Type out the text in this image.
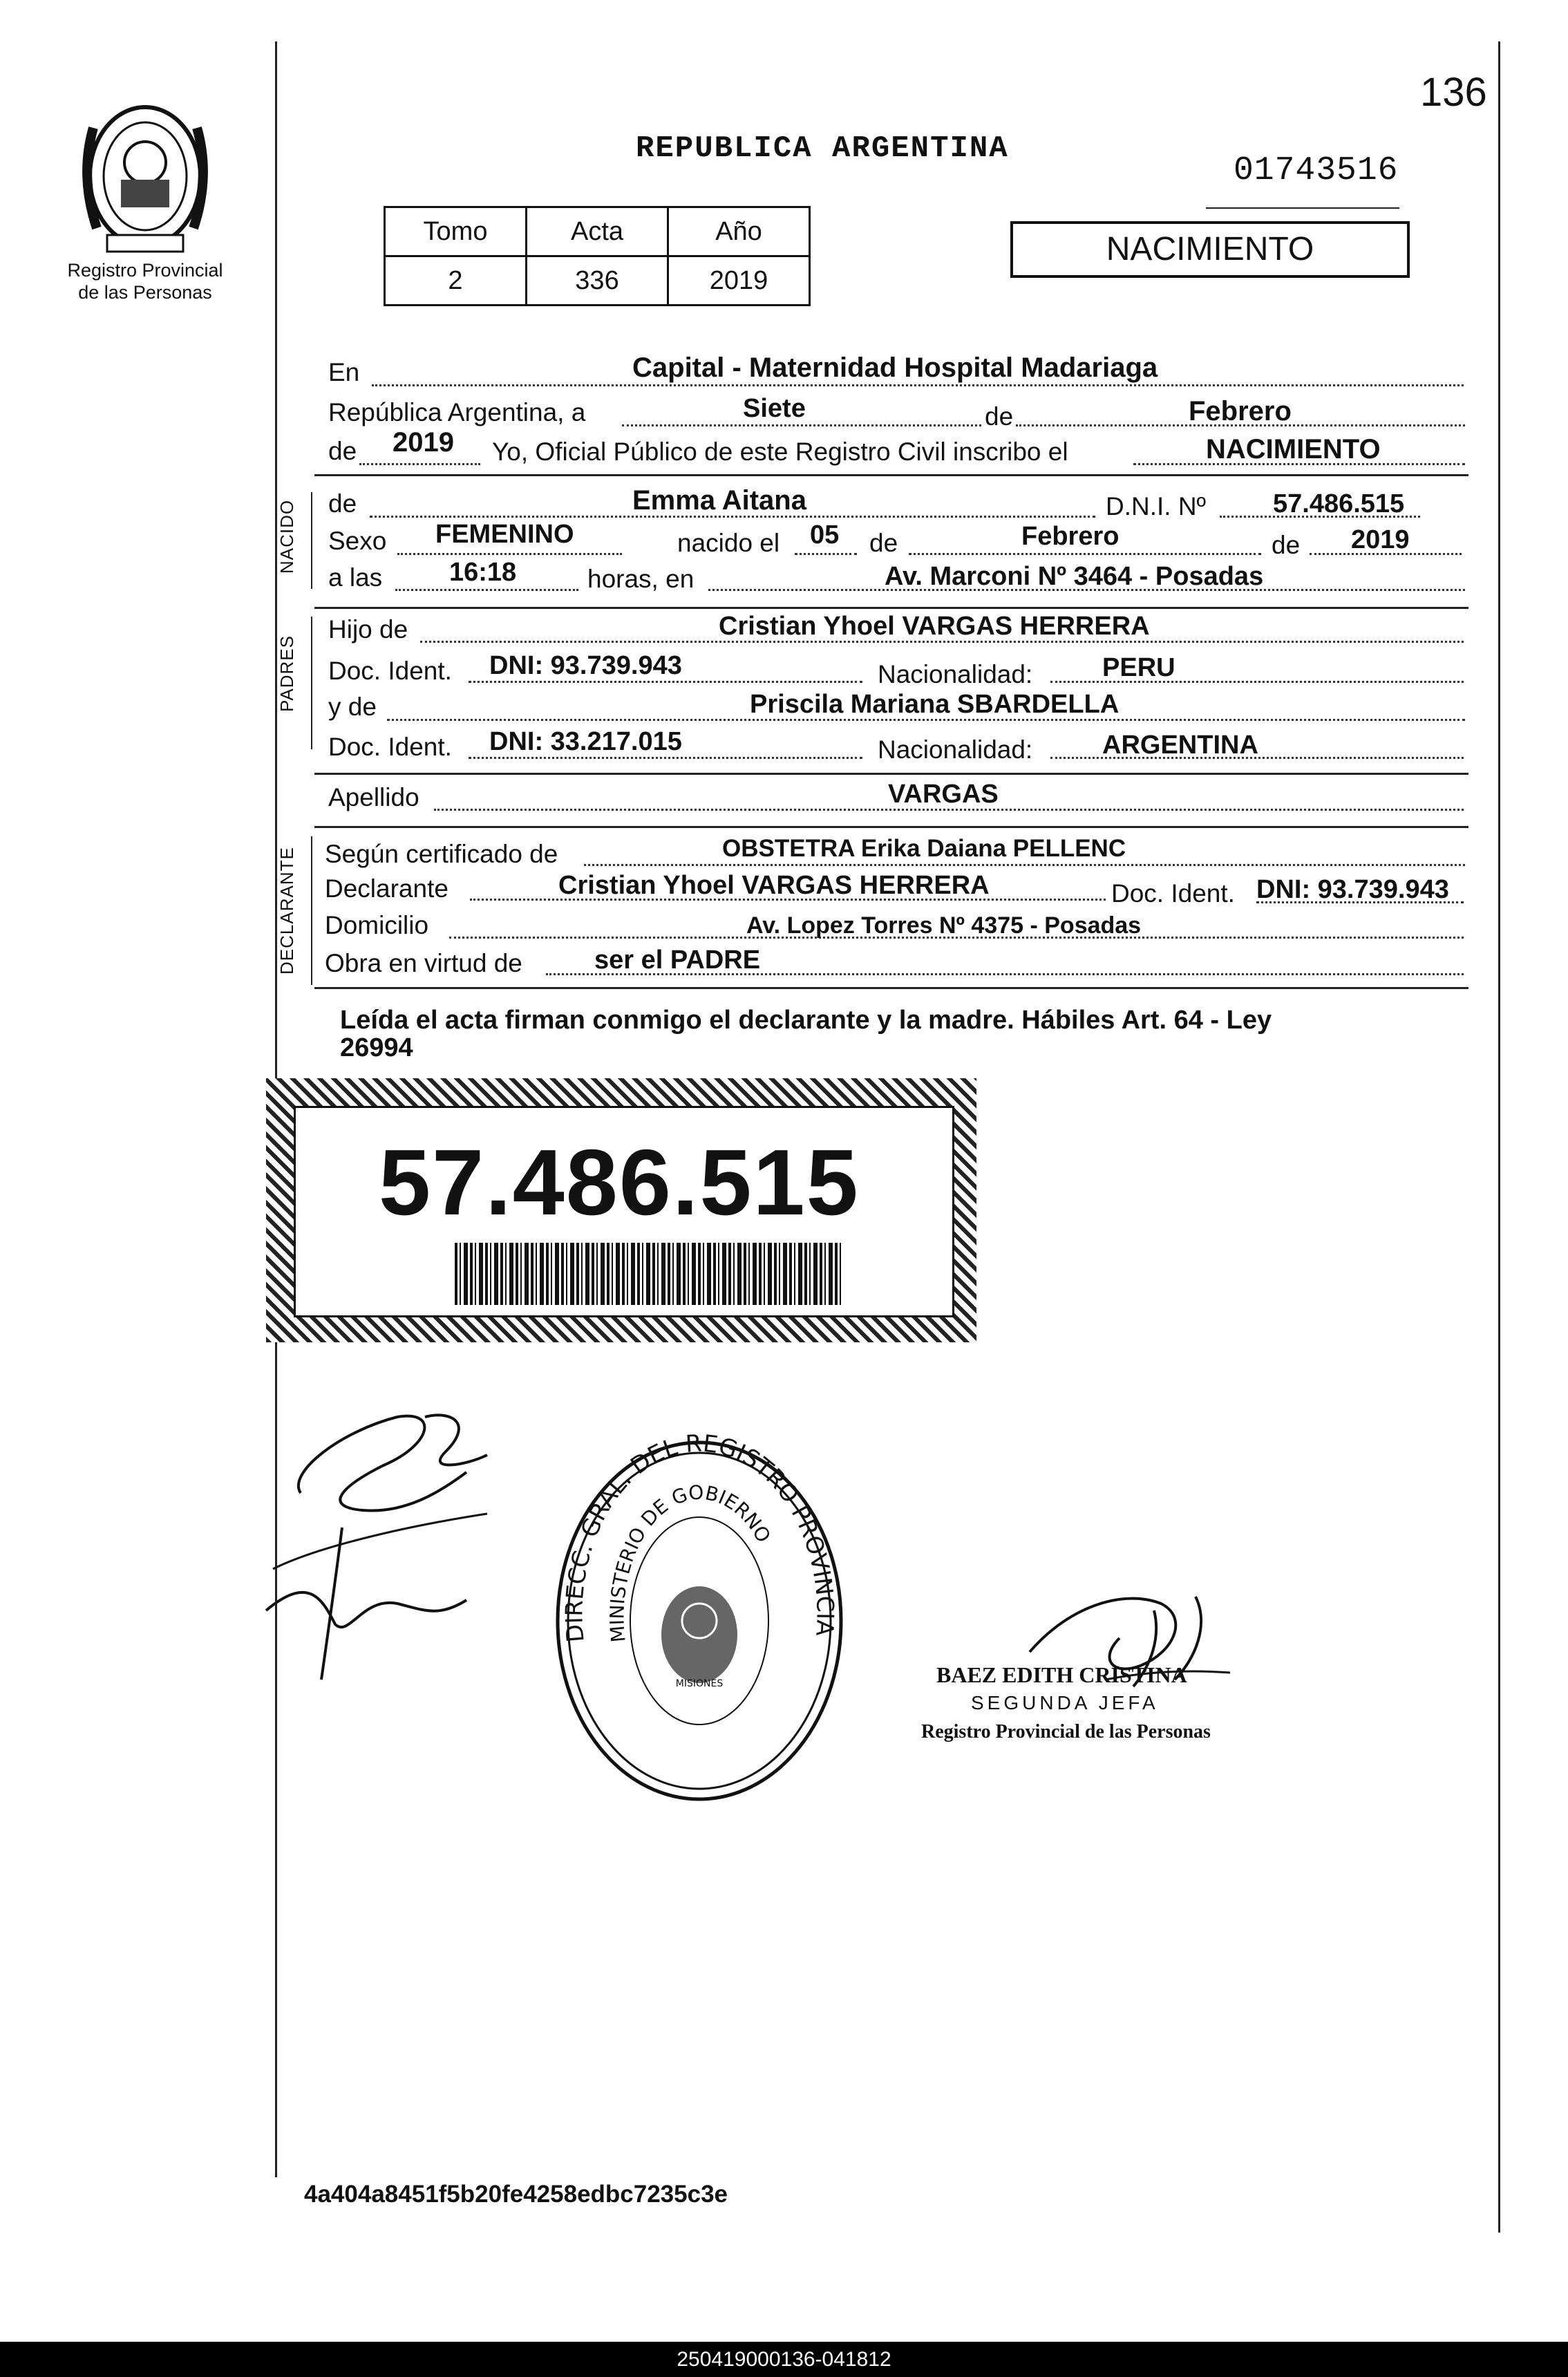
Registro Provincial
de las Personas
136
REPUBLICA ARGENTINA
01743516
Tomo	Acta	Año
2	336	2019
NACIMIENTO
En	Capital - Maternidad Hospital Madariaga
República Argentina, a	Siete	de	Febrero
de 2019 Yo, Oficial Público de este Registro Civil inscribo el	NACIMIENTO
NACIDO de	Emma Aitana	D.N.I. Nº	57.486.515
Sexo FEMENINO	nacido el 05 de	Febrero	de 2019
a las	16:18	horas, en	Av. Marconi Nº 3464 - Posadas
PADRES
Hijo de	Cristian Yhoel VARGAS HERRERA
Doc. Ident. DNI: 93.739.943	Nacionalidad:	PERU
y de	Priscila Mariana SBARDELLA
Doc. Ident. DNI: 33.217.015	Nacionalidad:	ARGENTINA
Apellido	VARGAS
DECLARANTE Según certificado de	OBSTETRA Erika Daiana PELLENC
Declarante	Cristian Yhoel VARGAS HERRERA	Doc. Ident. DNI: 93.739.943
Domicilio	Av. Lopez Torres Nº 4375 - Posadas
Obra en virtud de	ser el PADRE
Leída el acta firman conmigo el declarante y la madre. Hábiles Art. 64 - Ley
26994
57.486.515
DIRECC. GRAL. DEL REGISTRO PROVINCIA
MINISTERIO DE GOBIERNO
MISIONES	BAEZ EDITH CRISTINA
SEGUNDA JEFA
Registro Provincial de las Personas
4a404a8451f5b20fe4258edbc7235c3e
250419000136-041812
